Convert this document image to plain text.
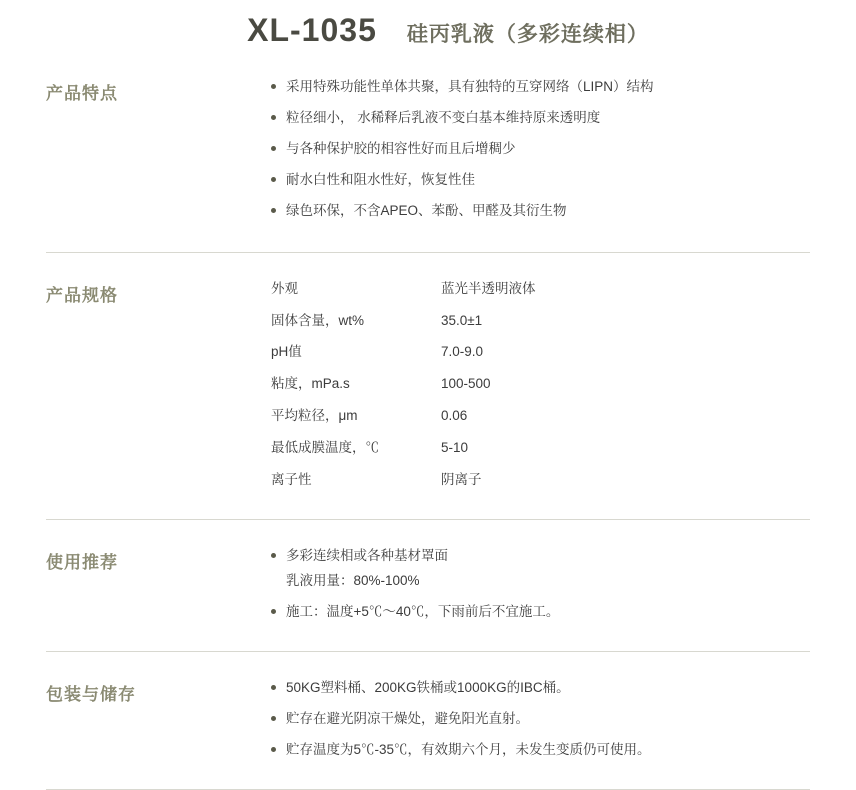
XL-1035 硅丙乳液（多彩连续相）
产品特点	采用特殊功能性单体共聚，具有独特的互穿网络（LIPN）结构
粒径细小， 水稀释后乳液不变白基本维持原来透明度
与各种保护胶的相容性好而且后增稠少
耐水白性和阻水性好，恢复性佳
绿色环保，不含APEO、苯酚、甲醛及其衍生物
产品规格	外观	蓝光半透明液体
固体含量，wt%	35.0±1
pH值	7.0-9.0
粘度，mPa.s	100-500
平均粒径，μm	0.06
最低成膜温度，℃	5-10
离子性	阴离子
使用推荐	多彩连续相或各种基材罩面
乳液用量：80%-100%
施工：温度+5℃～40℃，下雨前后不宜施工。
包装与储存	50KG塑料桶、200KG铁桶或1000KG的IBC桶。
贮存在避光阴凉干燥处，避免阳光直射。
贮存温度为5℃-35℃，有效期六个月，未发生变质仍可使用。
